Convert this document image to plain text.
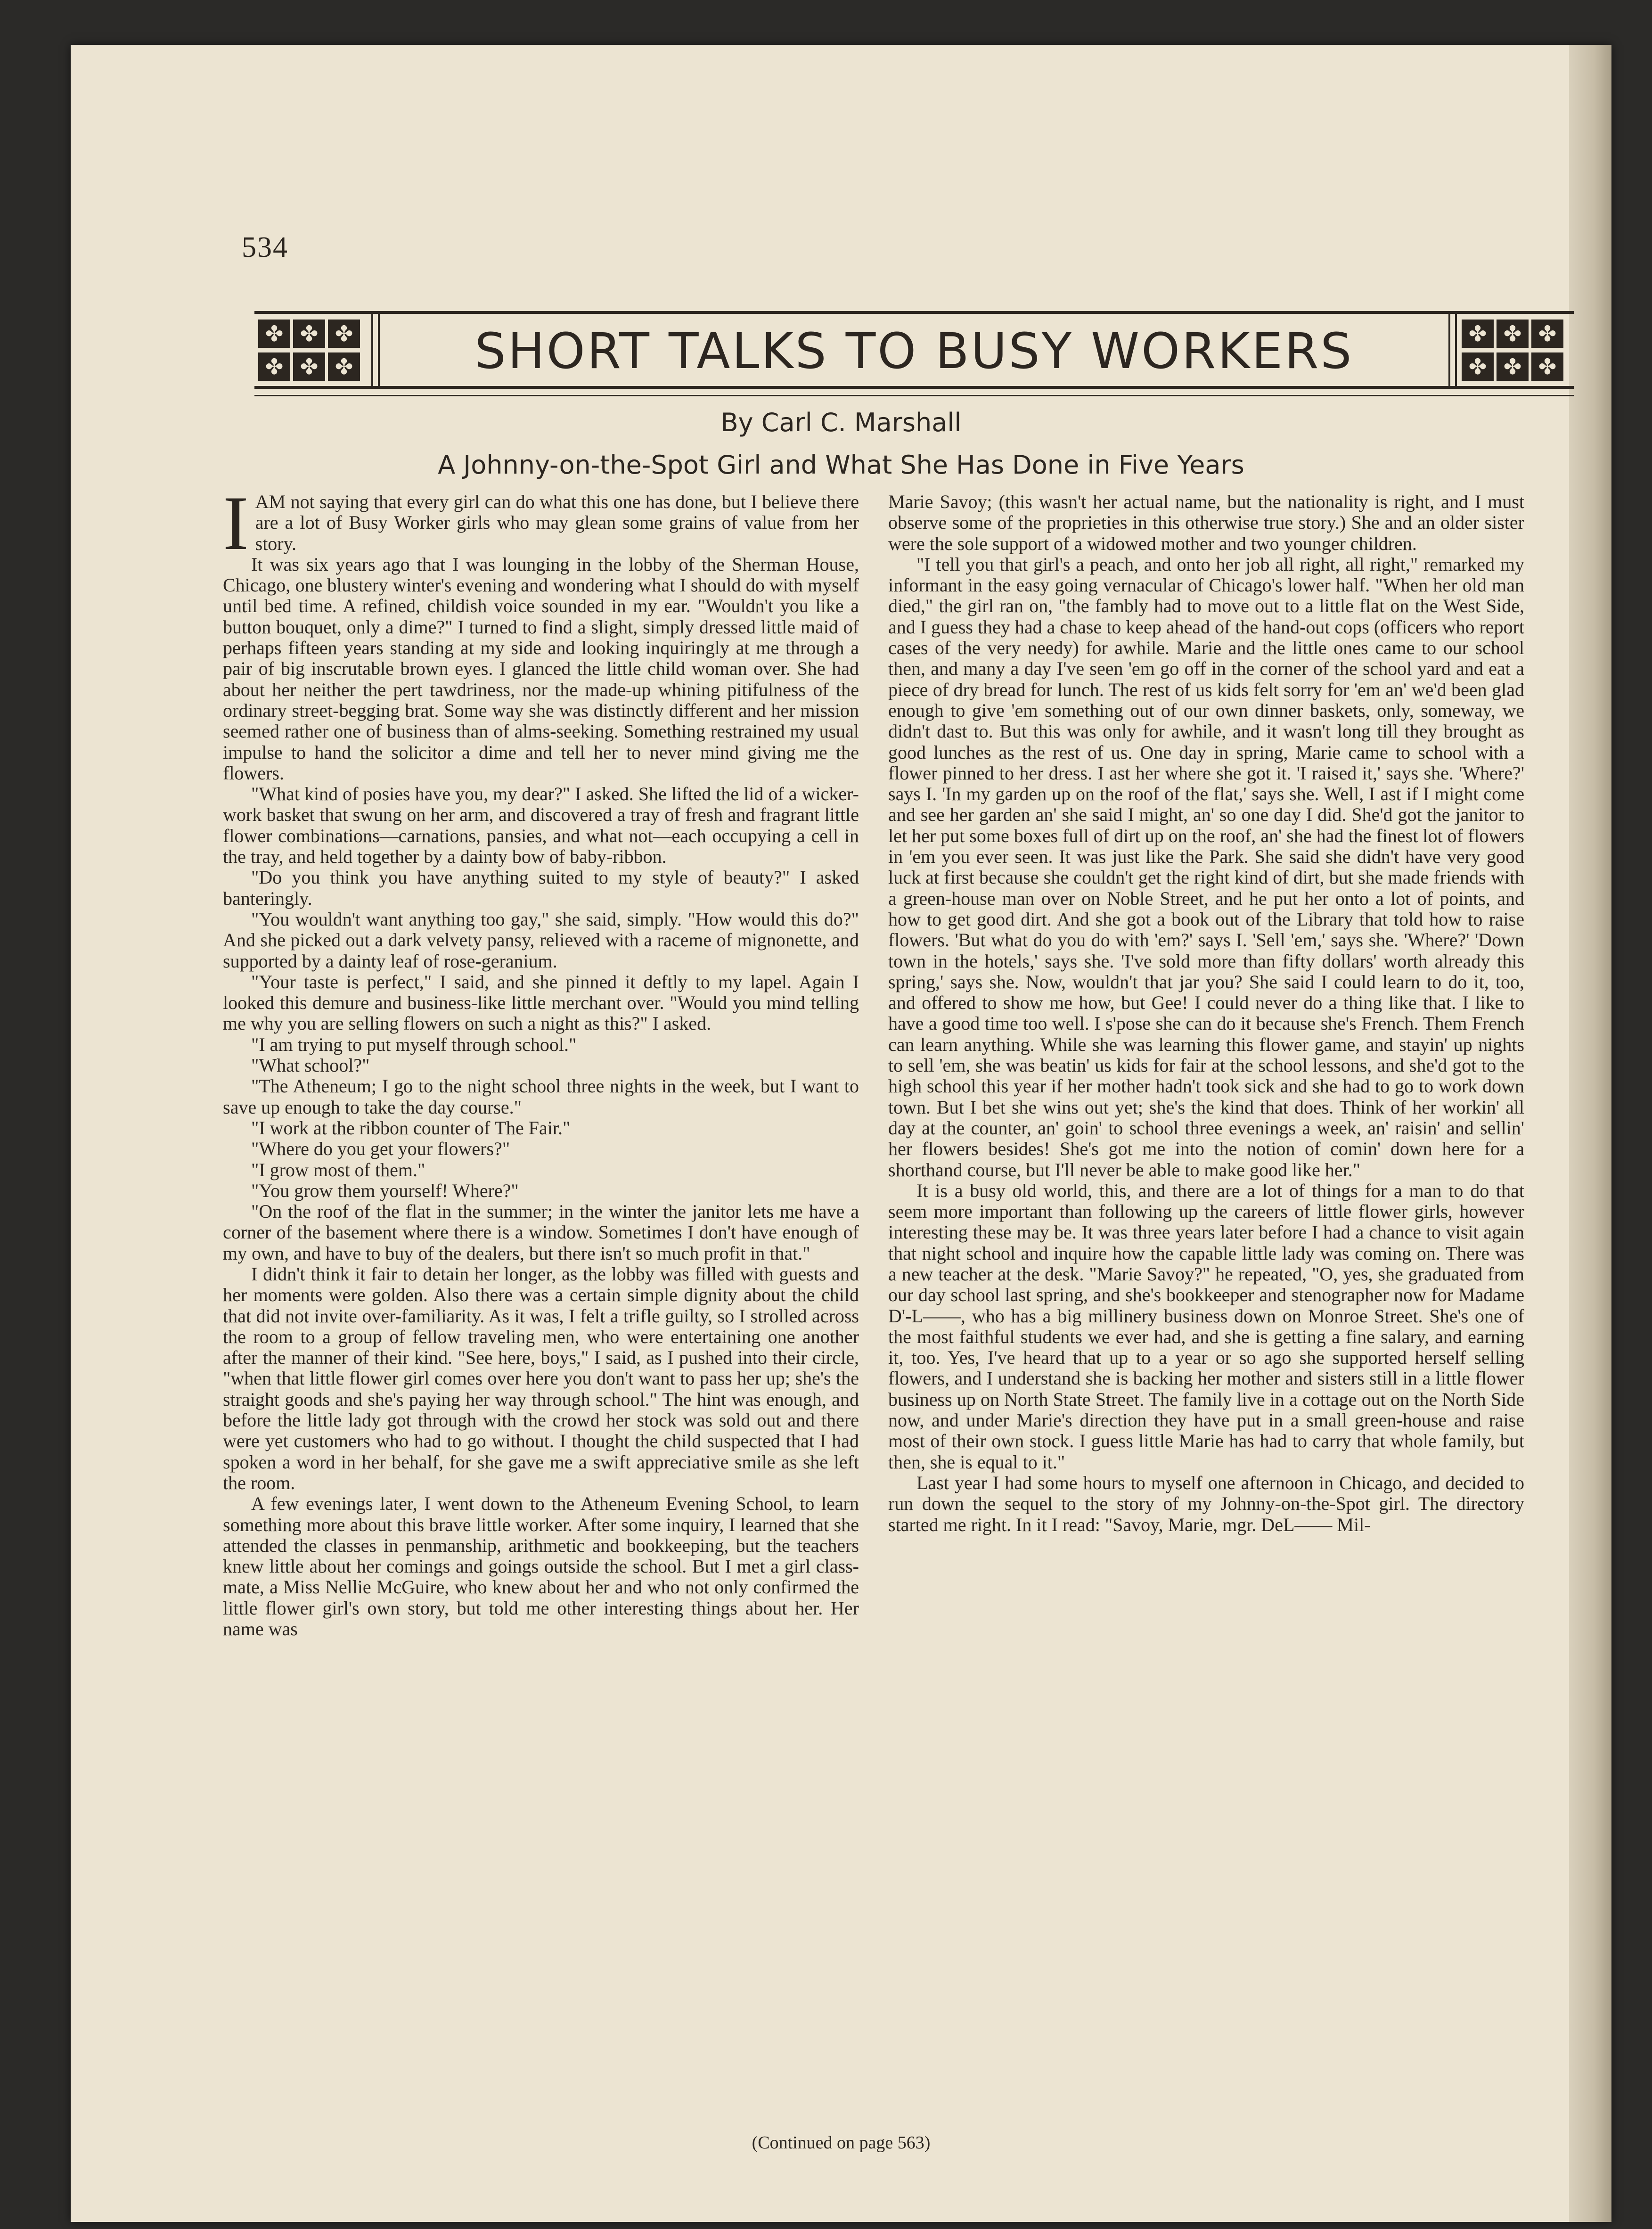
534
✤ ✤ ✤
✤ ✤ ✤	SHORT TALKS TO BUSY WORKERS	✤ ✤ ✤
✤ ✤ ✤
By Carl C. Marshall
A Johnny-on-the-Spot Girl and What She Has Done in Five Years

I AM not saying that every girl can do what this one has done, but I believe there are a lot of Busy Worker girls who may glean some grains of value from her story.

It was six years ago that I was lounging in the lobby of the Sherman House, Chicago, one blustery winter's evening and wondering what I should do with myself until bed time. A refined, childish voice sounded in my ear. "Wouldn't you like a button bouquet, only a dime?" I turned to find a slight, simply dressed little maid of perhaps fifteen years standing at my side and looking inquiringly at me through a pair of big inscrutable brown eyes. I glanced the little child woman over. She had about her neither the pert tawdriness, nor the made-up whining pitifulness of the ordinary street-begging brat. Some way she was distinctly different and her mission seemed rather one of business than of alms-seeking. Something restrained my usual impulse to hand the solicitor a dime and tell her to never mind giving me the flowers.

"What kind of posies have you, my dear?" I asked. She lifted the lid of a wicker-work basket that swung on her arm, and discovered a tray of fresh and fragrant little flower combinations—carnations, pansies, and what not—each occupying a cell in the tray, and held together by a dainty bow of baby-ribbon.

"Do you think you have anything suited to my style of beauty?" I asked banteringly.

"You wouldn't want anything too gay," she said, simply. "How would this do?" And she picked out a dark velvety pansy, relieved with a raceme of mignonette, and supported by a dainty leaf of rose-geranium.

"Your taste is perfect," I said, and she pinned it deftly to my lapel. Again I looked this demure and business-like little merchant over. "Would you mind telling me why you are selling flowers on such a night as this?" I asked.

"I am trying to put myself through school."

"What school?"

"The Atheneum; I go to the night school three nights in the week, but I want to save up enough to take the day course."

"I work at the ribbon counter of The Fair."

"Where do you get your flowers?"

"I grow most of them."

"You grow them yourself! Where?"

"On the roof of the flat in the summer; in the winter the janitor lets me have a corner of the basement where there is a window. Sometimes I don't have enough of my own, and have to buy of the dealers, but there isn't so much profit in that."

I didn't think it fair to detain her longer, as the lobby was filled with guests and her moments were golden. Also there was a certain simple dignity about the child that did not invite over-familiarity. As it was, I felt a trifle guilty, so I strolled across the room to a group of fellow traveling men, who were entertaining one another after the manner of their kind. "See here, boys," I said, as I pushed into their circle, "when that little flower girl comes over here you don't want to pass her up; she's the straight goods and she's paying her way through school." The hint was enough, and before the little lady got through with the crowd her stock was sold out and there were yet customers who had to go without. I thought the child suspected that I had spoken a word in her behalf, for she gave me a swift appreciative smile as she left the room.

A few evenings later, I went down to the Atheneum Evening School, to learn something more about this brave little worker. After some inquiry, I learned that she attended the classes in penmanship, arithmetic and bookkeeping, but the teachers knew little about her comings and goings outside the school. But I met a girl class-mate, a Miss Nellie McGuire, who knew about her and who not only confirmed the little flower girl's own story, but told me other interesting things about her. Her name was

Marie Savoy; (this wasn't her actual name, but the nationality is right, and I must observe some of the proprieties in this otherwise true story.) She and an older sister were the sole support of a widowed mother and two younger children.

"I tell you that girl's a peach, and onto her job all right, all right," remarked my informant in the easy going vernacular of Chicago's lower half. "When her old man died," the girl ran on, "the fambly had to move out to a little flat on the West Side, and I guess they had a chase to keep ahead of the hand-out cops (officers who report cases of the very needy) for awhile. Marie and the little ones came to our school then, and many a day I've seen 'em go off in the corner of the school yard and eat a piece of dry bread for lunch. The rest of us kids felt sorry for 'em an' we'd been glad enough to give 'em something out of our own dinner baskets, only, someway, we didn't dast to. But this was only for awhile, and it wasn't long till they brought as good lunches as the rest of us. One day in spring, Marie came to school with a flower pinned to her dress. I ast her where she got it. 'I raised it,' says she. 'Where?' says I. 'In my garden up on the roof of the flat,' says she. Well, I ast if I might come and see her garden an' she said I might, an' so one day I did. She'd got the janitor to let her put some boxes full of dirt up on the roof, an' she had the finest lot of flowers in 'em you ever seen. It was just like the Park. She said she didn't have very good luck at first because she couldn't get the right kind of dirt, but she made friends with a green-house man over on Noble Street, and he put her onto a lot of points, and how to get good dirt. And she got a book out of the Library that told how to raise flowers. 'But what do you do with 'em?' says I. 'Sell 'em,' says she. 'Where?' 'Down town in the hotels,' says she. 'I've sold more than fifty dollars' worth already this spring,' says she. Now, wouldn't that jar you? She said I could learn to do it, too, and offered to show me how, but Gee! I could never do a thing like that. I like to have a good time too well. I s'pose she can do it because she's French. Them French can learn anything. While she was learning this flower game, and stayin' up nights to sell 'em, she was beatin' us kids for fair at the school lessons, and she'd got to the high school this year if her mother hadn't took sick and she had to go to work down town. But I bet she wins out yet; she's the kind that does. Think of her workin' all day at the counter, an' goin' to school three evenings a week, an' raisin' and sellin' her flowers besides! She's got me into the notion of comin' down here for a shorthand course, but I'll never be able to make good like her."

It is a busy old world, this, and there are a lot of things for a man to do that seem more important than following up the careers of little flower girls, however interesting these may be. It was three years later before I had a chance to visit again that night school and inquire how the capable little lady was coming on. There was a new teacher at the desk. "Marie Savoy?" he repeated, "O, yes, she graduated from our day school last spring, and she's bookkeeper and stenographer now for Madame D'-L——, who has a big millinery business down on Monroe Street. She's one of the most faithful students we ever had, and she is getting a fine salary, and earning it, too. Yes, I've heard that up to a year or so ago she supported herself selling flowers, and I understand she is backing her mother and sisters still in a little flower business up on North State Street. The family live in a cottage out on the North Side now, and under Marie's direction they have put in a small green-house and raise most of their own stock. I guess little Marie has had to carry that whole family, but then, she is equal to it."

Last year I had some hours to myself one afternoon in Chicago, and decided to run down the sequel to the story of my Johnny-on-the-Spot girl. The directory started me right. In it I read: "Savoy, Marie, mgr. DeL—— Mil-

(Continued on page 563)
